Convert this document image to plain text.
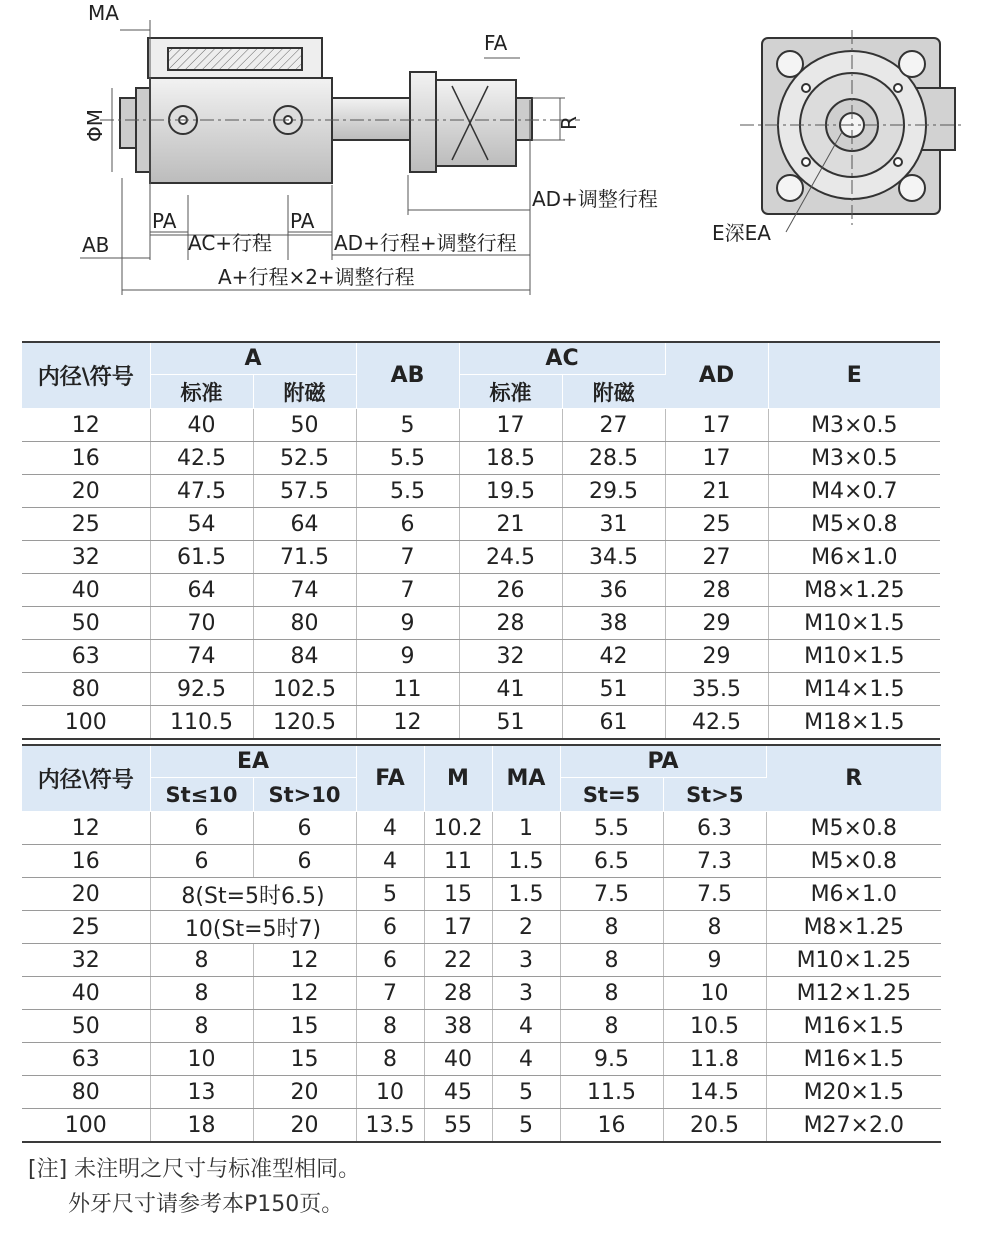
MA
FA
ΦM	R
AD+调整行程
PA	PA
AB	AC+行程	AD+行程+调整行程
A+行程×2+调整行程
E深EA
内径\符号	A		AB	AC		AD	E
	标准	附磁		标准	附磁		
12	40	50	5	17	27	17	M3×0.5
16	42.5	52.5	5.5	18.5	28.5	17	M3×0.5
20	47.5	57.5	5.5	19.5	29.5	21	M4×0.7
25	54	64	6	21	31	25	M5×0.8
32	61.5	71.5	7	24.5	34.5	27	M6×1.0
40	64	74	7	26	36	28	M8×1.25
50	70	80	9	28	38	29	M10×1.5
63	74	84	9	32	42	29	M10×1.5
80	92.5	102.5	11	41	51	35.5	M14×1.5
100	110.5	120.5	12	51	61	42.5	M18×1.5
内径\符号	EA		FA	M	MA	PA		R
	St≤10	St>10				St=5	St>5	
12	6	6	4	10.2	1	5.5	6.3	M5×0.8
16	6	6	4	11	1.5	6.5	7.3	M5×0.8
20	8(St=5时6.5)		5	15	1.5	7.5	7.5	M6×1.0
25	10(St=5时7)		6	17	2	8	8	M8×1.25
32	8	12	6	22	3	8	9	M10×1.25
40	8	12	7	28	3	8	10	M12×1.25
50	8	15	8	38	4	8	10.5	M16×1.5
63	10	15	8	40	4	9.5	11.8	M16×1.5
80	13	20	10	45	5	11.5	14.5	M20×1.5
100	18	20	13.5	55	5	16	20.5	M27×2.0
[注] 未注明之尺寸与标准型相同。
外牙尺寸请参考本P150页。
